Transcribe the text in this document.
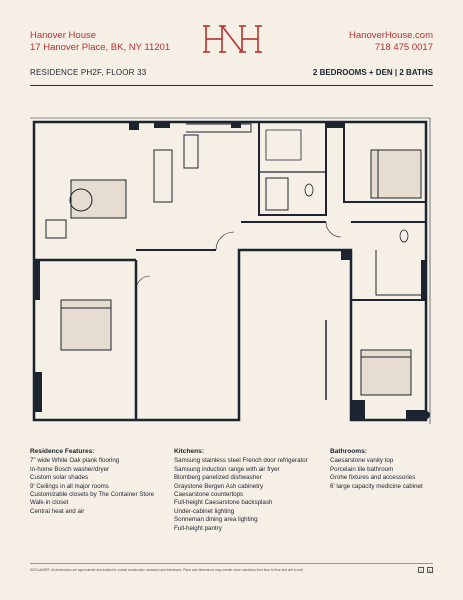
Hanover House
17 Hanover Place, BK, NY 11201
HanoverHouse.com
718 475 0017
RESIDENCE PH2F, FLOOR 33	2 BEDROOMS + DEN | 2 BATHS
Residence Features:
7" wide White Oak plank flooring
In-home Bosch washer/dryer
Custom solar shades
9' Ceilings in all major rooms
Customizable closets by The Container Store
Walk-in closet
Central heat and air
Kitchens:
Samsung stainless steel French door refrigerator
Samsung induction range with air fryer
Blomberg panelized dishwasher
Graystone Bergen Ash cabinetry
Caesarstone countertops
Full-height Caesarstone backsplash
Under-cabinet lighting
Sonneman dining area lighting
Full-height pantry
Bathrooms:
Caesarstone vanity top
Porcelain tile bathroom
Grohe fixtures and accessories
6' large capacity medicine cabinet
DISCLAIMER: All dimensions are approximate and subject to normal construction variances and tolerances. Plans and dimensions may contain minor variations from floor to floor and unit to unit.	⌂	♿
